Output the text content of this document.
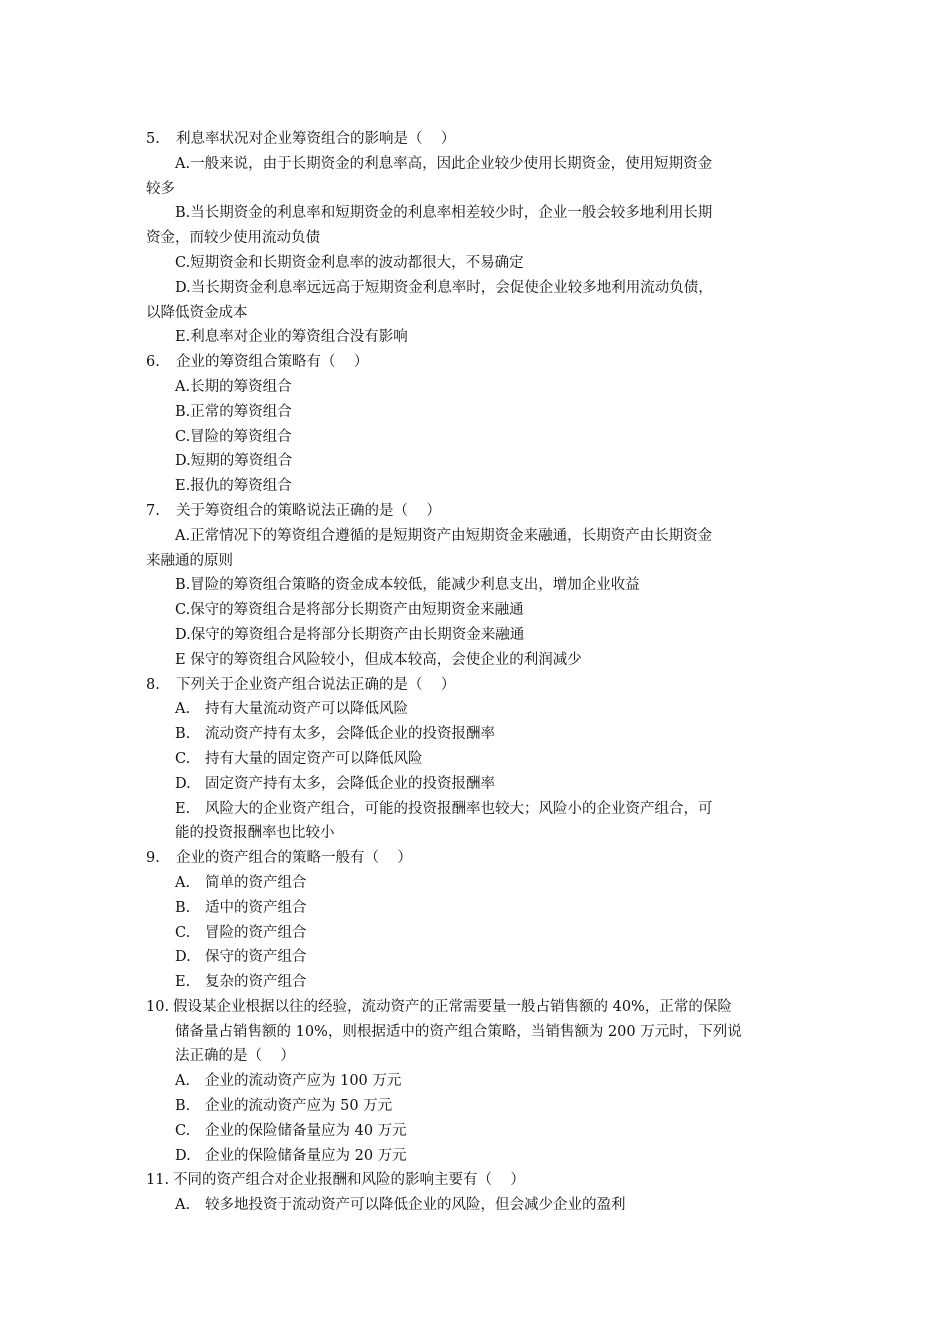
5. 利息率状况对企业筹资组合的影响是（    ）
A.一般来说，由于长期资金的利息率高，因此企业较少使用长期资金，使用短期资金
较多
B.当长期资金的利息率和短期资金的利息率相差较少时，企业一般会较多地利用长期
资金，而较少使用流动负债
C.短期资金和长期资金利息率的波动都很大，不易确定
D.当长期资金利息率远远高于短期资金利息率时，会促使企业较多地利用流动负债，
以降低资金成本
E.利息率对企业的筹资组合没有影响
6. 企业的筹资组合策略有（    ）
A.长期的筹资组合
B.正常的筹资组合
C.冒险的筹资组合
D.短期的筹资组合
E.报仇的筹资组合
7. 关于筹资组合的策略说法正确的是（    ）
A.正常情况下的筹资组合遵循的是短期资产由短期资金来融通，长期资产由长期资金
来融通的原则
B.冒险的筹资组合策略的资金成本较低，能减少利息支出，增加企业收益
C.保守的筹资组合是将部分长期资产由短期资金来融通
D.保守的筹资组合是将部分长期资产由长期资金来融通
E 保守的筹资组合风险较小，但成本较高，会使企业的利润减少
8. 下列关于企业资产组合说法正确的是（    ）
A. 持有大量流动资产可以降低风险
B. 流动资产持有太多，会降低企业的投资报酬率
C. 持有大量的固定资产可以降低风险
D. 固定资产持有太多，会降低企业的投资报酬率
E. 风险大的企业资产组合，可能的投资报酬率也较大；风险小的企业资产组合，可
能的投资报酬率也比较小
9. 企业的资产组合的策略一般有（    ）
A. 简单的资产组合
B. 适中的资产组合
C. 冒险的资产组合
D. 保守的资产组合
E. 复杂的资产组合
10. 假设某企业根据以往的经验，流动资产的正常需要量一般占销售额的 40%，正常的保险
储备量占销售额的 10%，则根据适中的资产组合策略，当销售额为 200 万元时，下列说
法正确的是（    ）
A. 企业的流动资产应为 100 万元
B. 企业的流动资产应为 50 万元
C. 企业的保险储备量应为 40 万元
D. 企业的保险储备量应为 20 万元
11. 不同的资产组合对企业报酬和风险的影响主要有（    ）
A. 较多地投资于流动资产可以降低企业的风险，但会减少企业的盈利
